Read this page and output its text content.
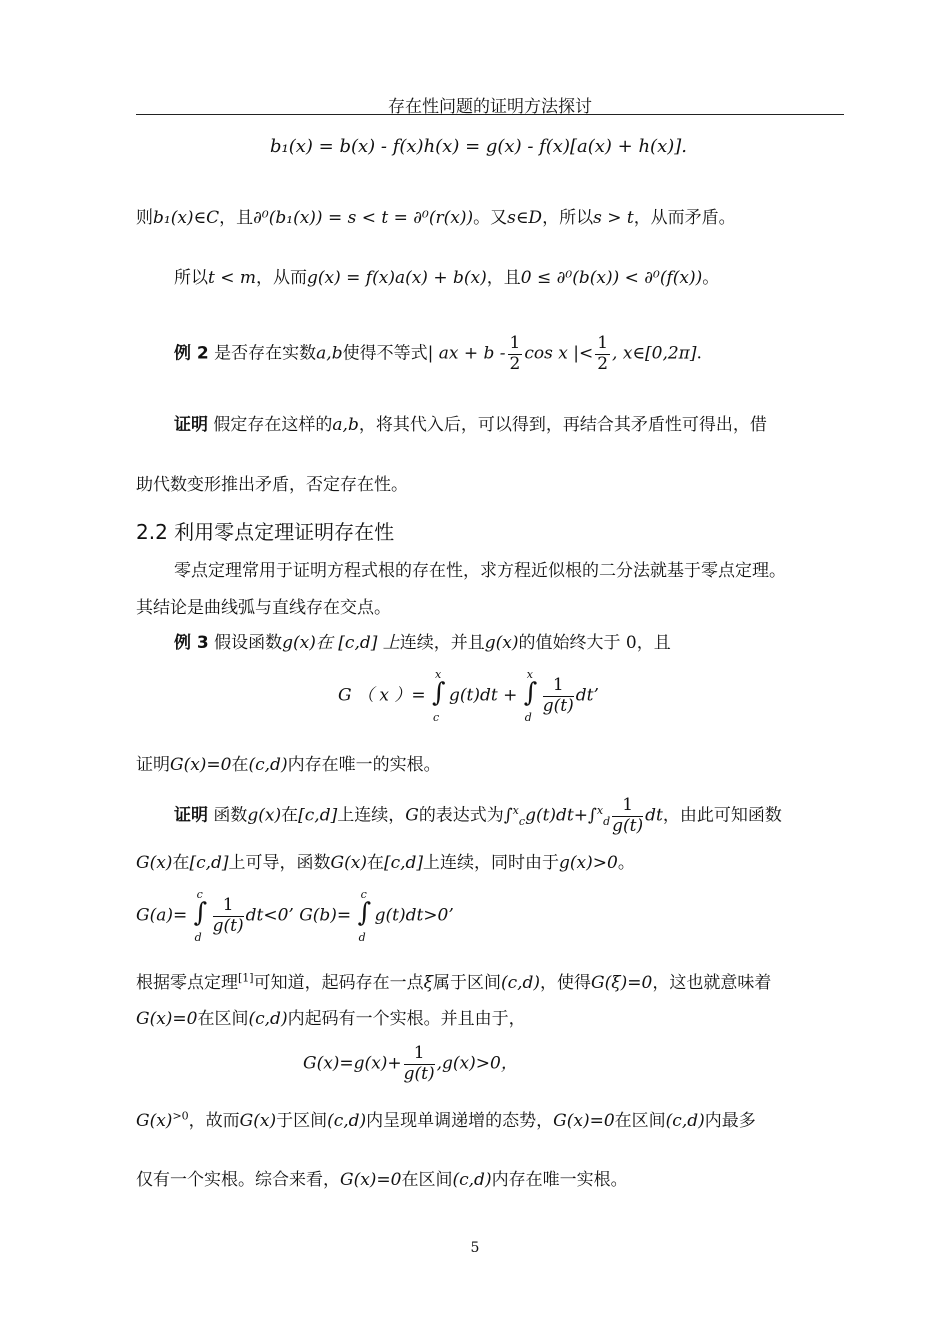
存在性问题的证明方法探讨
b₁(x) = b(x) - f(x)h(x) = g(x) - f(x)[a(x) + h(x)].
则b₁(x)∈C，且∂⁰(b₁(x)) = s < t = ∂⁰(r(x))。又s∈D，所以s > t，从而矛盾。
所以t < m，从而g(x) = f(x)a(x) + b(x)，且0 ≤ ∂⁰(b(x)) < ∂⁰(f(x))。
例 2 是否存在实数a,b使得不等式| ax + b - $\frac{1}{2}$ cos x |< $\frac{1}{2}$ , x∈[0,2π].
证明 假定存在这样的a,b，将其代入后，可以得到，再结合其矛盾性可得出，借
助代数变形推出矛盾，否定存在性。
2.2 利用零点定理证明存在性
零点定理常用于证明方程式根的存在性，求方程近似根的二分法就基于零点定理。
其结论是曲线弧与直线存在交点。
例 3 假设函数g(x)在 [c,d] 上连续，并且g(x)的值始终大于 0，且
G （ x ）= ∫
x
c
g(t)dt + ∫
x
d
$\frac{1}{g(t)}$ dt’
证明G(x)=0在(c,d)内存在唯一的实根。
证明 函数g(x)在[c,d]上连续，G的表达式为$\int^x_cg(t)dt+\int^x_d \frac{1}{g(t)}$ dt，由此可知函数
G(x)在[c,d]上可导，函数G(x)在[c,d]上连续，同时由于g(x)>0。
G(a)= ∫
c
d
$\frac{1}{g(t)} dt<0$’ G(b)= ∫
c
d
g(t)dt>0’
根据零点定理[1]可知道，起码存在一点ξ属于区间(c,d)，使得G(ξ)=0，这也就意味着
G(x)=0在区间(c,d)内起码有一个实根。并且由于，
$G(x)=g(x)+ \frac{1}{g(t)} ,g(x)>0$，
$G(x)^{>0}$，故而G(x)于区间(c,d)内呈现单调递增的态势，G(x)=0在区间(c,d)内最多
仅有一个实根。综合来看，G(x)=0在区间(c,d)内存在唯一实根。
5
